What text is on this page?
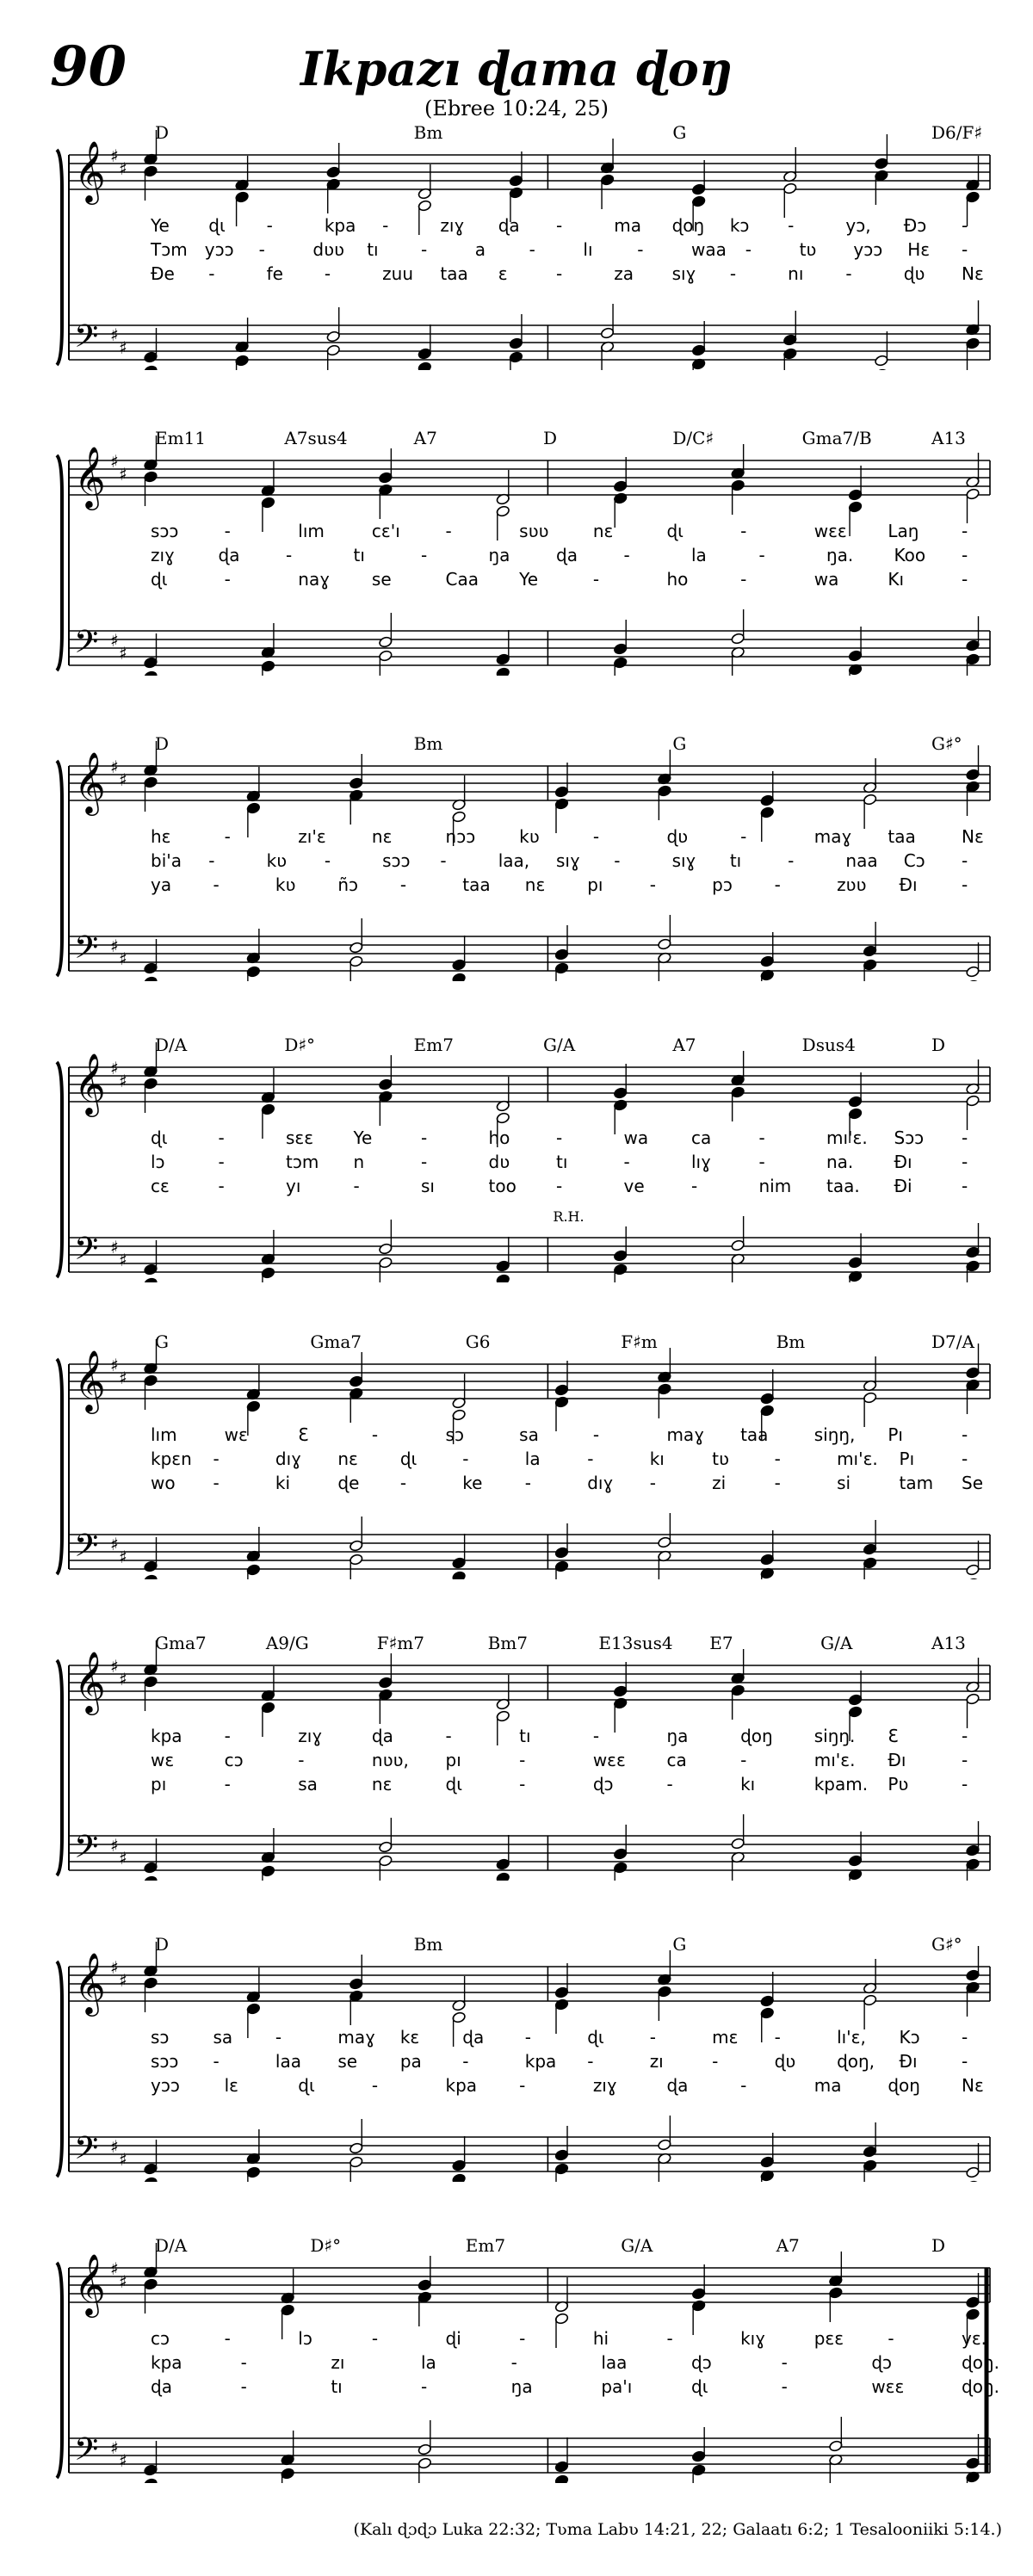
90	Ikpazı ɖama ɖoŋ
(Ebree 10:24, 25)
𝄞
𝄢
♯
♯
♯
♯
D	Bm	G	D6/F♯
Ye ɖɩ -	kpa -	zıɣ ɖa -	ma ɖoŋ kɔ -	yɔ, Ɖɔ -
Tɔm yɔɔ -	dʋʋ tı -	a	-	lı	-	waa -	tʋ yɔɔ Hɛ -
Ɖe -	fe -	zuu taa ɛ	-	za sıɣ -	nı -	ɖʋ Nɛ
𝄞
𝄢
♯
♯
♯
♯
Em11	A7sus4	A7	D	D/C♯	Gma7/B	A13
sɔɔ	-	lım	cɛ'ı	-	sʋʋ	nɛ	ɖɩ	-	wɛɛ Laŋ -
zıɣ	ɖa	-	tı	-	ŋa	ɖa	-	la	-	ŋa. Koo -
ɖɩ	-	naɣ se	Caa Ye	-	ho	-	wa	Kı	-
𝄞
𝄢
♯
♯
♯
♯
D	Bm	G	G♯°
hɛ	-	zı'ɛ	nɛ	nɔɔ	kʋ	-	ɖʋ	-	maɣ taa	Nɛ
bi'a -	kʋ -	sɔɔ -	laa, sıɣ -	sıɣ tı	-	naa Cɔ -
ya -	kʋ ñɔ -	taa nɛ pı	-	pɔ -	zʋʋ Ɖı	-
𝄞
𝄢
♯
♯
♯
♯
R.H.
D/A	D♯°	Em7	G/A	A7	Dsus4	D
ɖɩ	-	sɛɛ Ye	-	ho	-	wa ca	-	mı'ɛ. Sɔɔ -
lɔ	-	tɔm n	-	dʋ	tı	-	lıɣ	-	na. Ɖı	-
cɛ	-	yı	-	sı	too -	ve	-	nim taa. Ɖi	-
𝄞
𝄢
♯
♯
♯
♯
G	Gma7	G6	F♯m	Bm	D7/A
lım	wɛ	Ɛ	-	sɔ	sa	-	maɣ taa	siŋŋ, Pı	-
kpɛn -	dıɣ nɛ ɖɩ	-	la	-	kı	tʋ	-	mı'ɛ. Pı	-
wo -	ki	ɖe -	ke -	dıɣ -	zi	-	si	tam Se
𝄞
𝄢
♯
♯
♯
♯
Gma7	A9/G	F♯m7	Bm7	E13sus4 E7	G/A	A13
kpa -	zıɣ	ɖa	-	tı	-	ŋa	ɖoŋ siŋŋ. Ɛ	-
wɛ	cɔ	-	nʋʋ, pı	-	wɛɛ ca	-	mı'ɛ. Ɖı	-
pı	-	sa	nɛ	ɖɩ	-	ɖɔ	-	kı	kpam. Pʋ	-
𝄞
𝄢
♯
♯
♯
♯
D	Bm	G	G♯°
sɔ	sa -	maɣ kɛ	ɖa -	ɖɩ	-	mɛ -	lı'ɛ, Kɔ -
sɔɔ -	laa se pa -	kpa -	zı	-	ɖʋ ɖoŋ, Ɖı	-
yɔɔ	lɛ	ɖɩ	-	kpa -	zıɣ	ɖa	-	ma	ɖoŋ Nɛ
𝄞
𝄢
♯
♯
♯
♯
D/A	D♯°	Em7	G/A	A7	D
cɔ	-	lɔ	-	ɖi	-	hi	-	kıɣ	pɛɛ	-	yɛ.
kpa	-	zı	la	-	laa	ɖɔ	-	ɖɔ	ɖoŋ.
ɖa	-	tı	-	ŋa	pa'ı	ɖɩ	-	wɛɛ	ɖoŋ.
(Kalı ɖɔɖɔ Luka 22:32; Tʋma Labʋ 14:21, 22; Galaatı 6:2; 1 Tesalooniiki 5:14.)
